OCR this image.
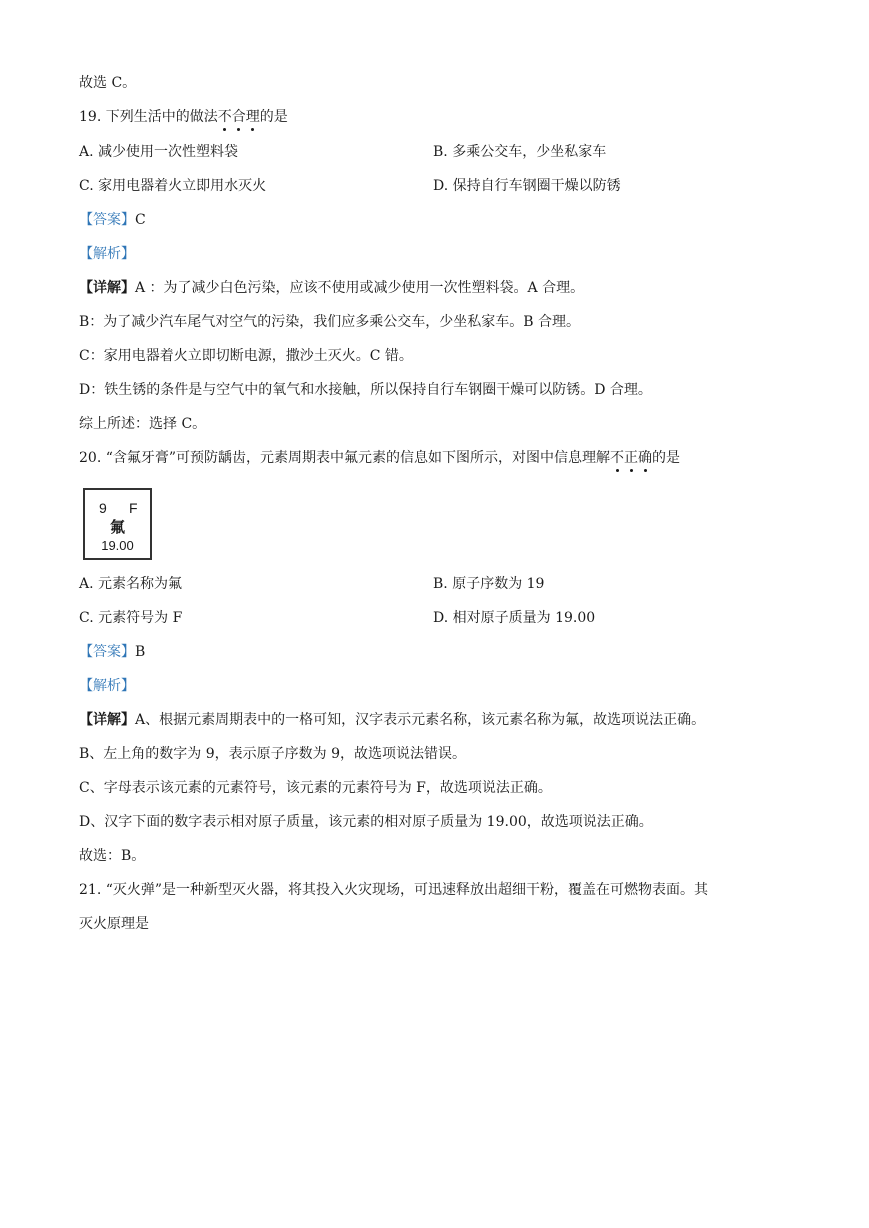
故选 C。
19. 下列生活中的做法不合理的是
A. 减少使用一次性塑料袋	B. 多乘公交车，少坐私家车
C. 家用电器着火立即用水灭火	D. 保持自行车钢圈干燥以防锈
【答案】C
【解析】
【详解】A ：为了减少白色污染，应该不使用或减少使用一次性塑料袋。A 合理。
B：为了减少汽车尾气对空气的污染，我们应多乘公交车，少坐私家车。B 合理。
C：家用电器着火立即切断电源，撒沙土灭火。C 错。
D：铁生锈的条件是与空气中的氧气和水接触，所以保持自行车钢圈干燥可以防锈。D 合理。
综上所述：选择 C。
20. “含氟牙膏”可预防龋齿，元素周期表中氟元素的信息如下图所示，对图中信息理解不正确的是
9 F
氟
19.00
A. 元素名称为氟	B. 原子序数为 19
C. 元素符号为 F	D. 相对原子质量为 19.00
【答案】B
【解析】
【详解】A、根据元素周期表中的一格可知，汉字表示元素名称，该元素名称为氟，故选项说法正确。
B、左上角的数字为 9，表示原子序数为 9，故选项说法错误。
C、字母表示该元素的元素符号，该元素的元素符号为 F，故选项说法正确。
D、汉字下面的数字表示相对原子质量，该元素的相对原子质量为 19.00，故选项说法正确。
故选：B。
21. “灭火弹”是一种新型灭火器，将其投入火灾现场，可迅速释放出超细干粉，覆盖在可燃物表面。其
灭火原理是
